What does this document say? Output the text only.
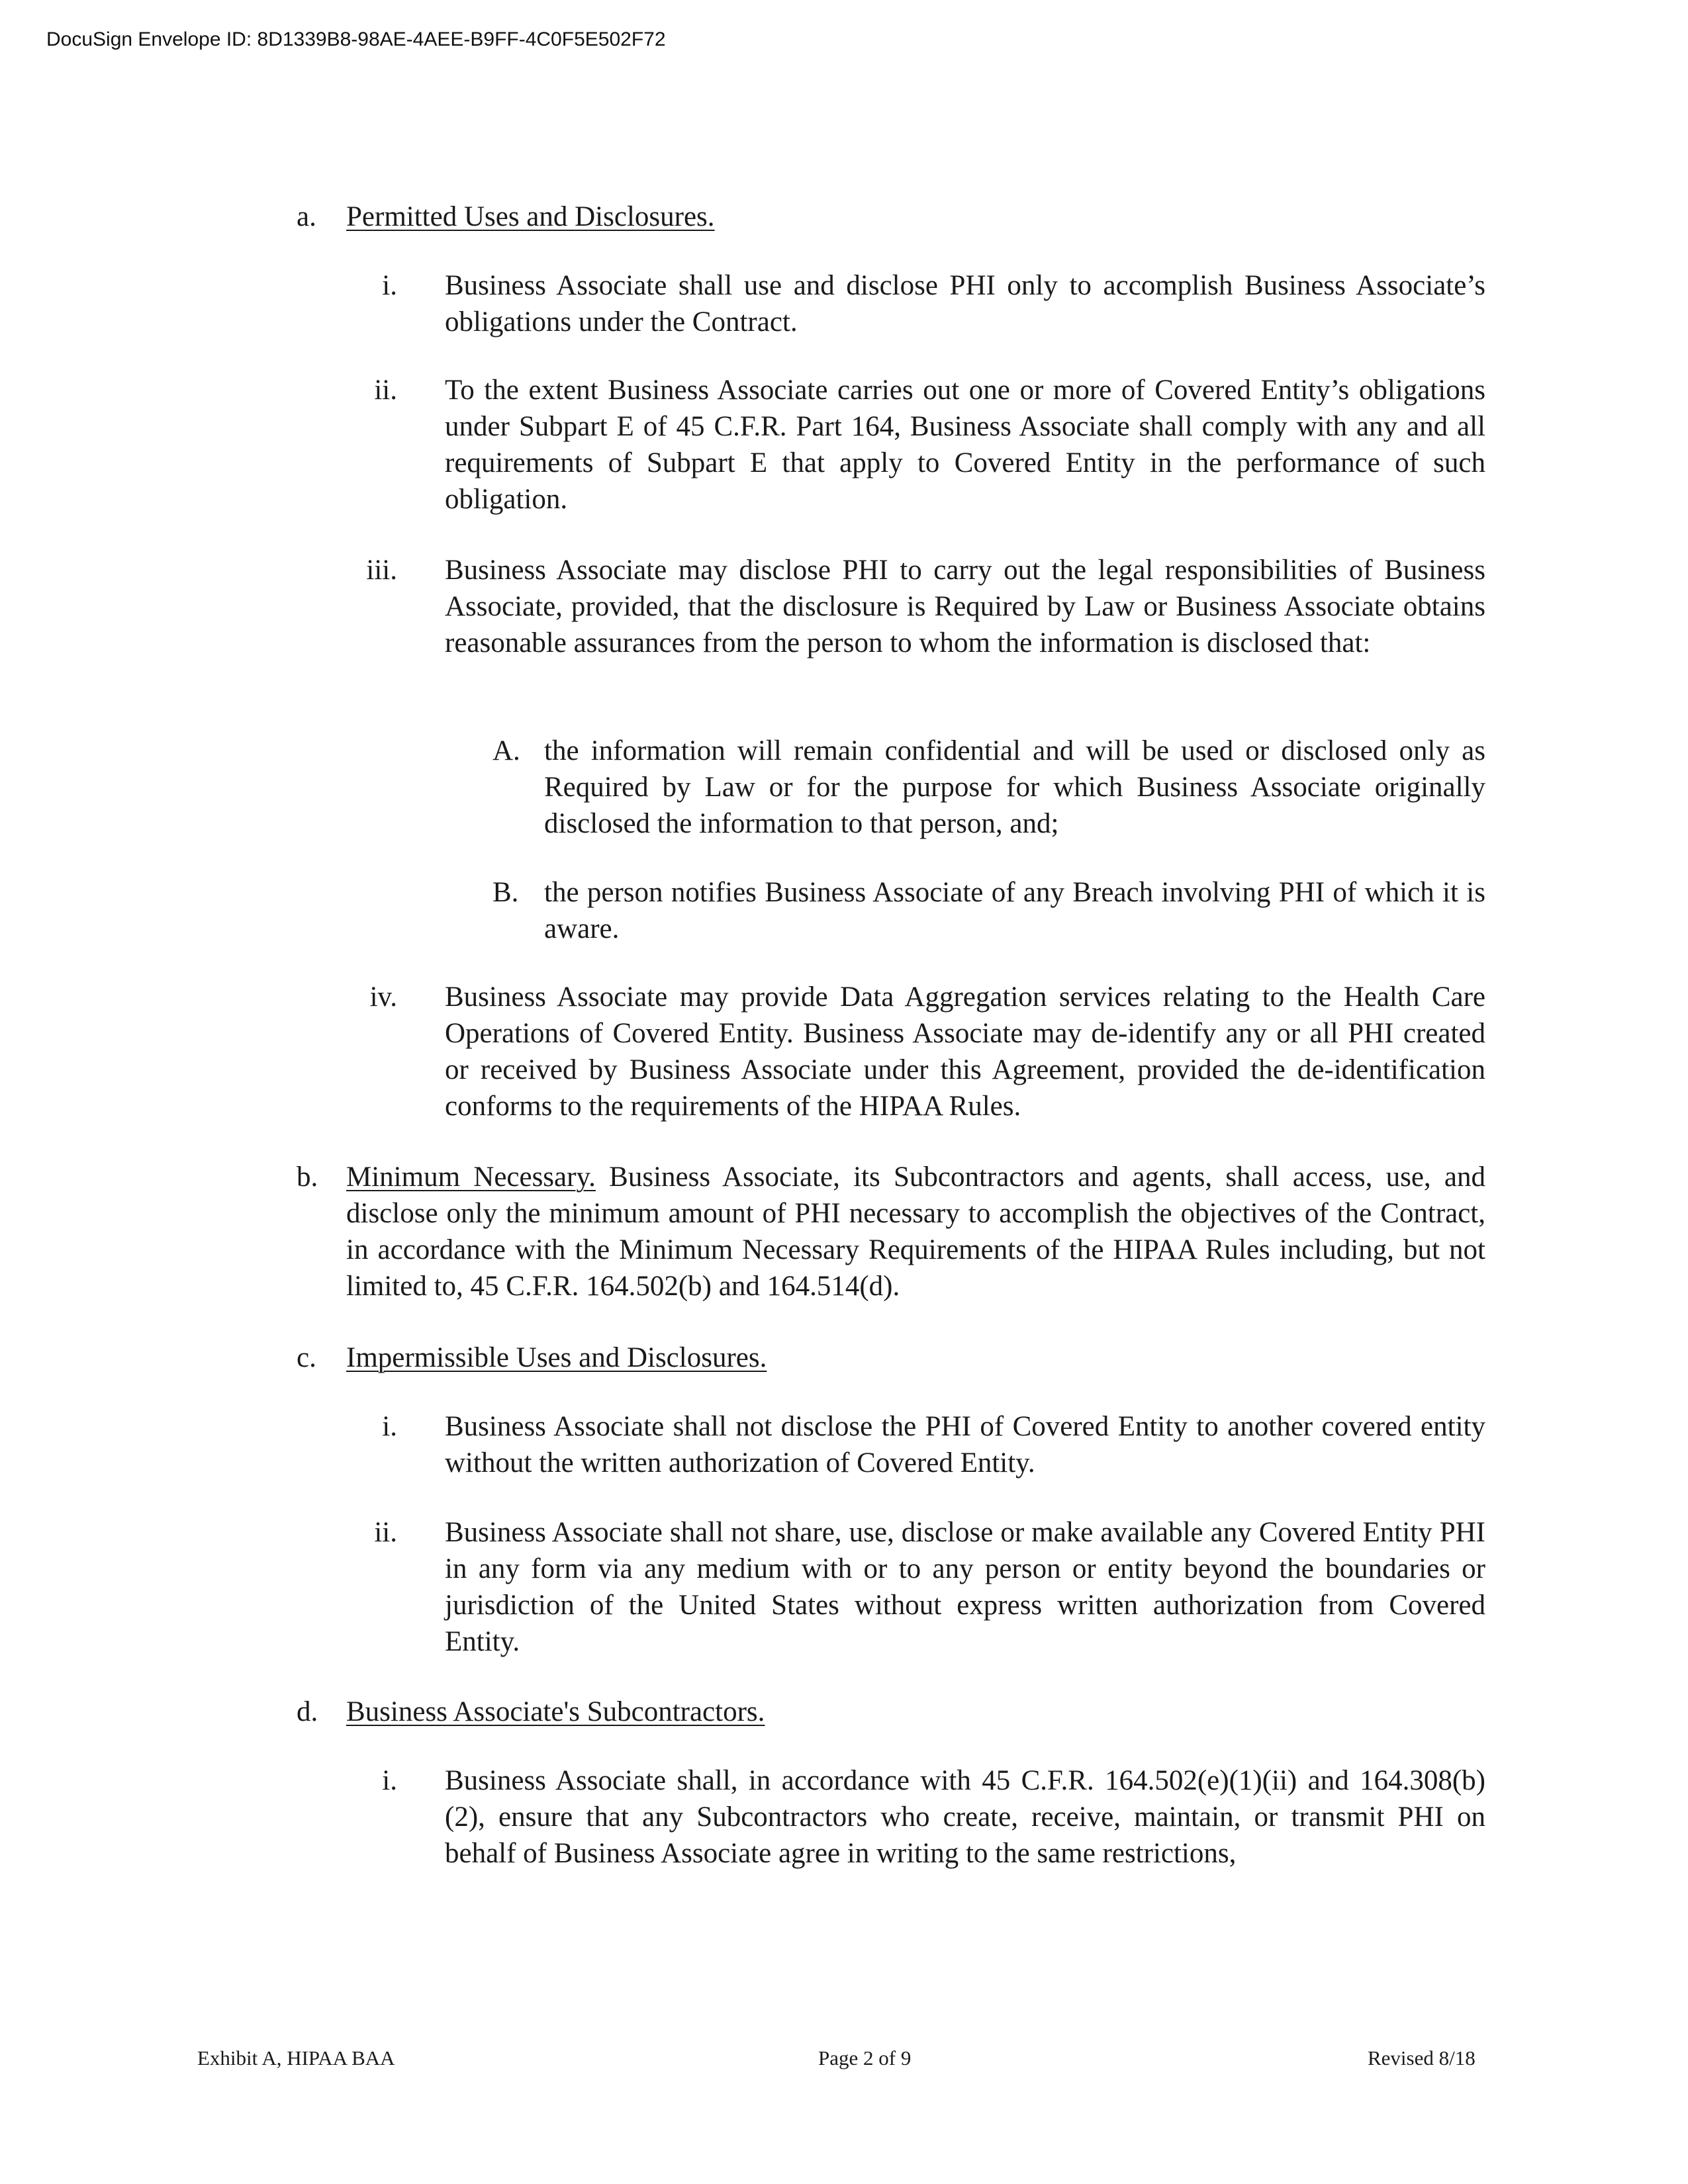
DocuSign Envelope ID: 8D1339B8-98AE-4AEE-B9FF-4C0F5E502F72
a. Permitted Uses and Disclosures.
i. Business Associate shall use and disclose PHI only to accomplish Business Associate’s obligations under the Contract.
ii. To the extent Business Associate carries out one or more of Covered Entity’s obligations under Subpart E of 45 C.F.R. Part 164, Business Associate shall comply with any and all requirements of Subpart E that apply to Covered Entity in the performance of such obligation.
iii. Business Associate may disclose PHI to carry out the legal responsibilities of Business Associate, provided, that the disclosure is Required by Law or Business Associate obtains reasonable assurances from the person to whom the information is disclosed that:
A. the information will remain confidential and will be used or disclosed only as Required by Law or for the purpose for which Business Associate originally disclosed the information to that person, and;
B. the person notifies Business Associate of any Breach involving PHI of which it is aware.
iv. Business Associate may provide Data Aggregation services relating to the Health Care Operations of Covered Entity. Business Associate may de-identify any or all PHI created or received by Business Associate under this Agreement, provided the de-identification conforms to the requirements of the HIPAA Rules.
b. Minimum Necessary. Business Associate, its Subcontractors and agents, shall access, use, and disclose only the minimum amount of PHI necessary to accomplish the objectives of the Contract, in accordance with the Minimum Necessary Requirements of the HIPAA Rules including, but not limited to, 45 C.F.R. 164.502(b) and 164.514(d).
c. Impermissible Uses and Disclosures.
i. Business Associate shall not disclose the PHI of Covered Entity to another covered entity without the written authorization of Covered Entity.
ii. Business Associate shall not share, use, disclose or make available any Covered Entity PHI in any form via any medium with or to any person or entity beyond the boundaries or jurisdiction of the United States without express written authorization from Covered Entity.
d. Business Associate's Subcontractors.
i. Business Associate shall, in accordance with 45 C.F.R. 164.502(e)(1)(ii) and 164.308(b)(2), ensure that any Subcontractors who create, receive, maintain, or transmit PHI on behalf of Business Associate agree in writing to the same restrictions,
Exhibit A, HIPAA BAA	Page 2 of 9	Revised 8/18
